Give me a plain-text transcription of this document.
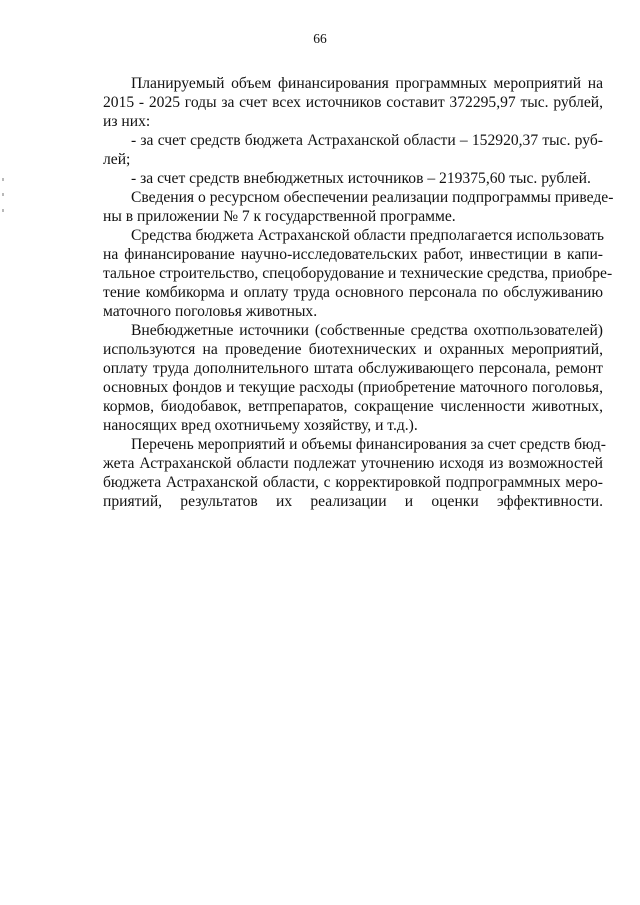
66

Планируемый объем финансирования программных мероприятий на

2015 - 2025 годы за счет всех источников составит 372295,97 тыс. рублей,

из них:

- за счет средств бюджета Астраханской области – 152920,37 тыс. руб-

лей;

- за счет средств внебюджетных источников – 219375,60 тыс. рублей.

Сведения о ресурсном обеспечении реализации подпрограммы приведе-

ны в приложении № 7 к государственной программе.

Средства бюджета Астраханской области предполагается использовать

на финансирование научно-исследовательских работ, инвестиции в капи-

тальное строительство, спецоборудование и технические средства, приобре-

тение комбикорма и оплату труда основного персонала по обслуживанию

маточного поголовья животных.

Внебюджетные источники (собственные средства охотпользователей)

используются на проведение биотехнических и охранных мероприятий,

оплату труда дополнительного штата обслуживающего персонала, ремонт

основных фондов и текущие расходы (приобретение маточного поголовья,

кормов, биодобавок, ветпрепаратов, сокращение численности животных,

наносящих вред охотничьему хозяйству, и т.д.).

Перечень мероприятий и объемы финансирования за счет средств бюд-

жета Астраханской области подлежат уточнению исходя из возможностей

бюджета Астраханской области, с корректировкой подпрограммных меро-

приятий, результатов их реализации и оценки эффективности.
